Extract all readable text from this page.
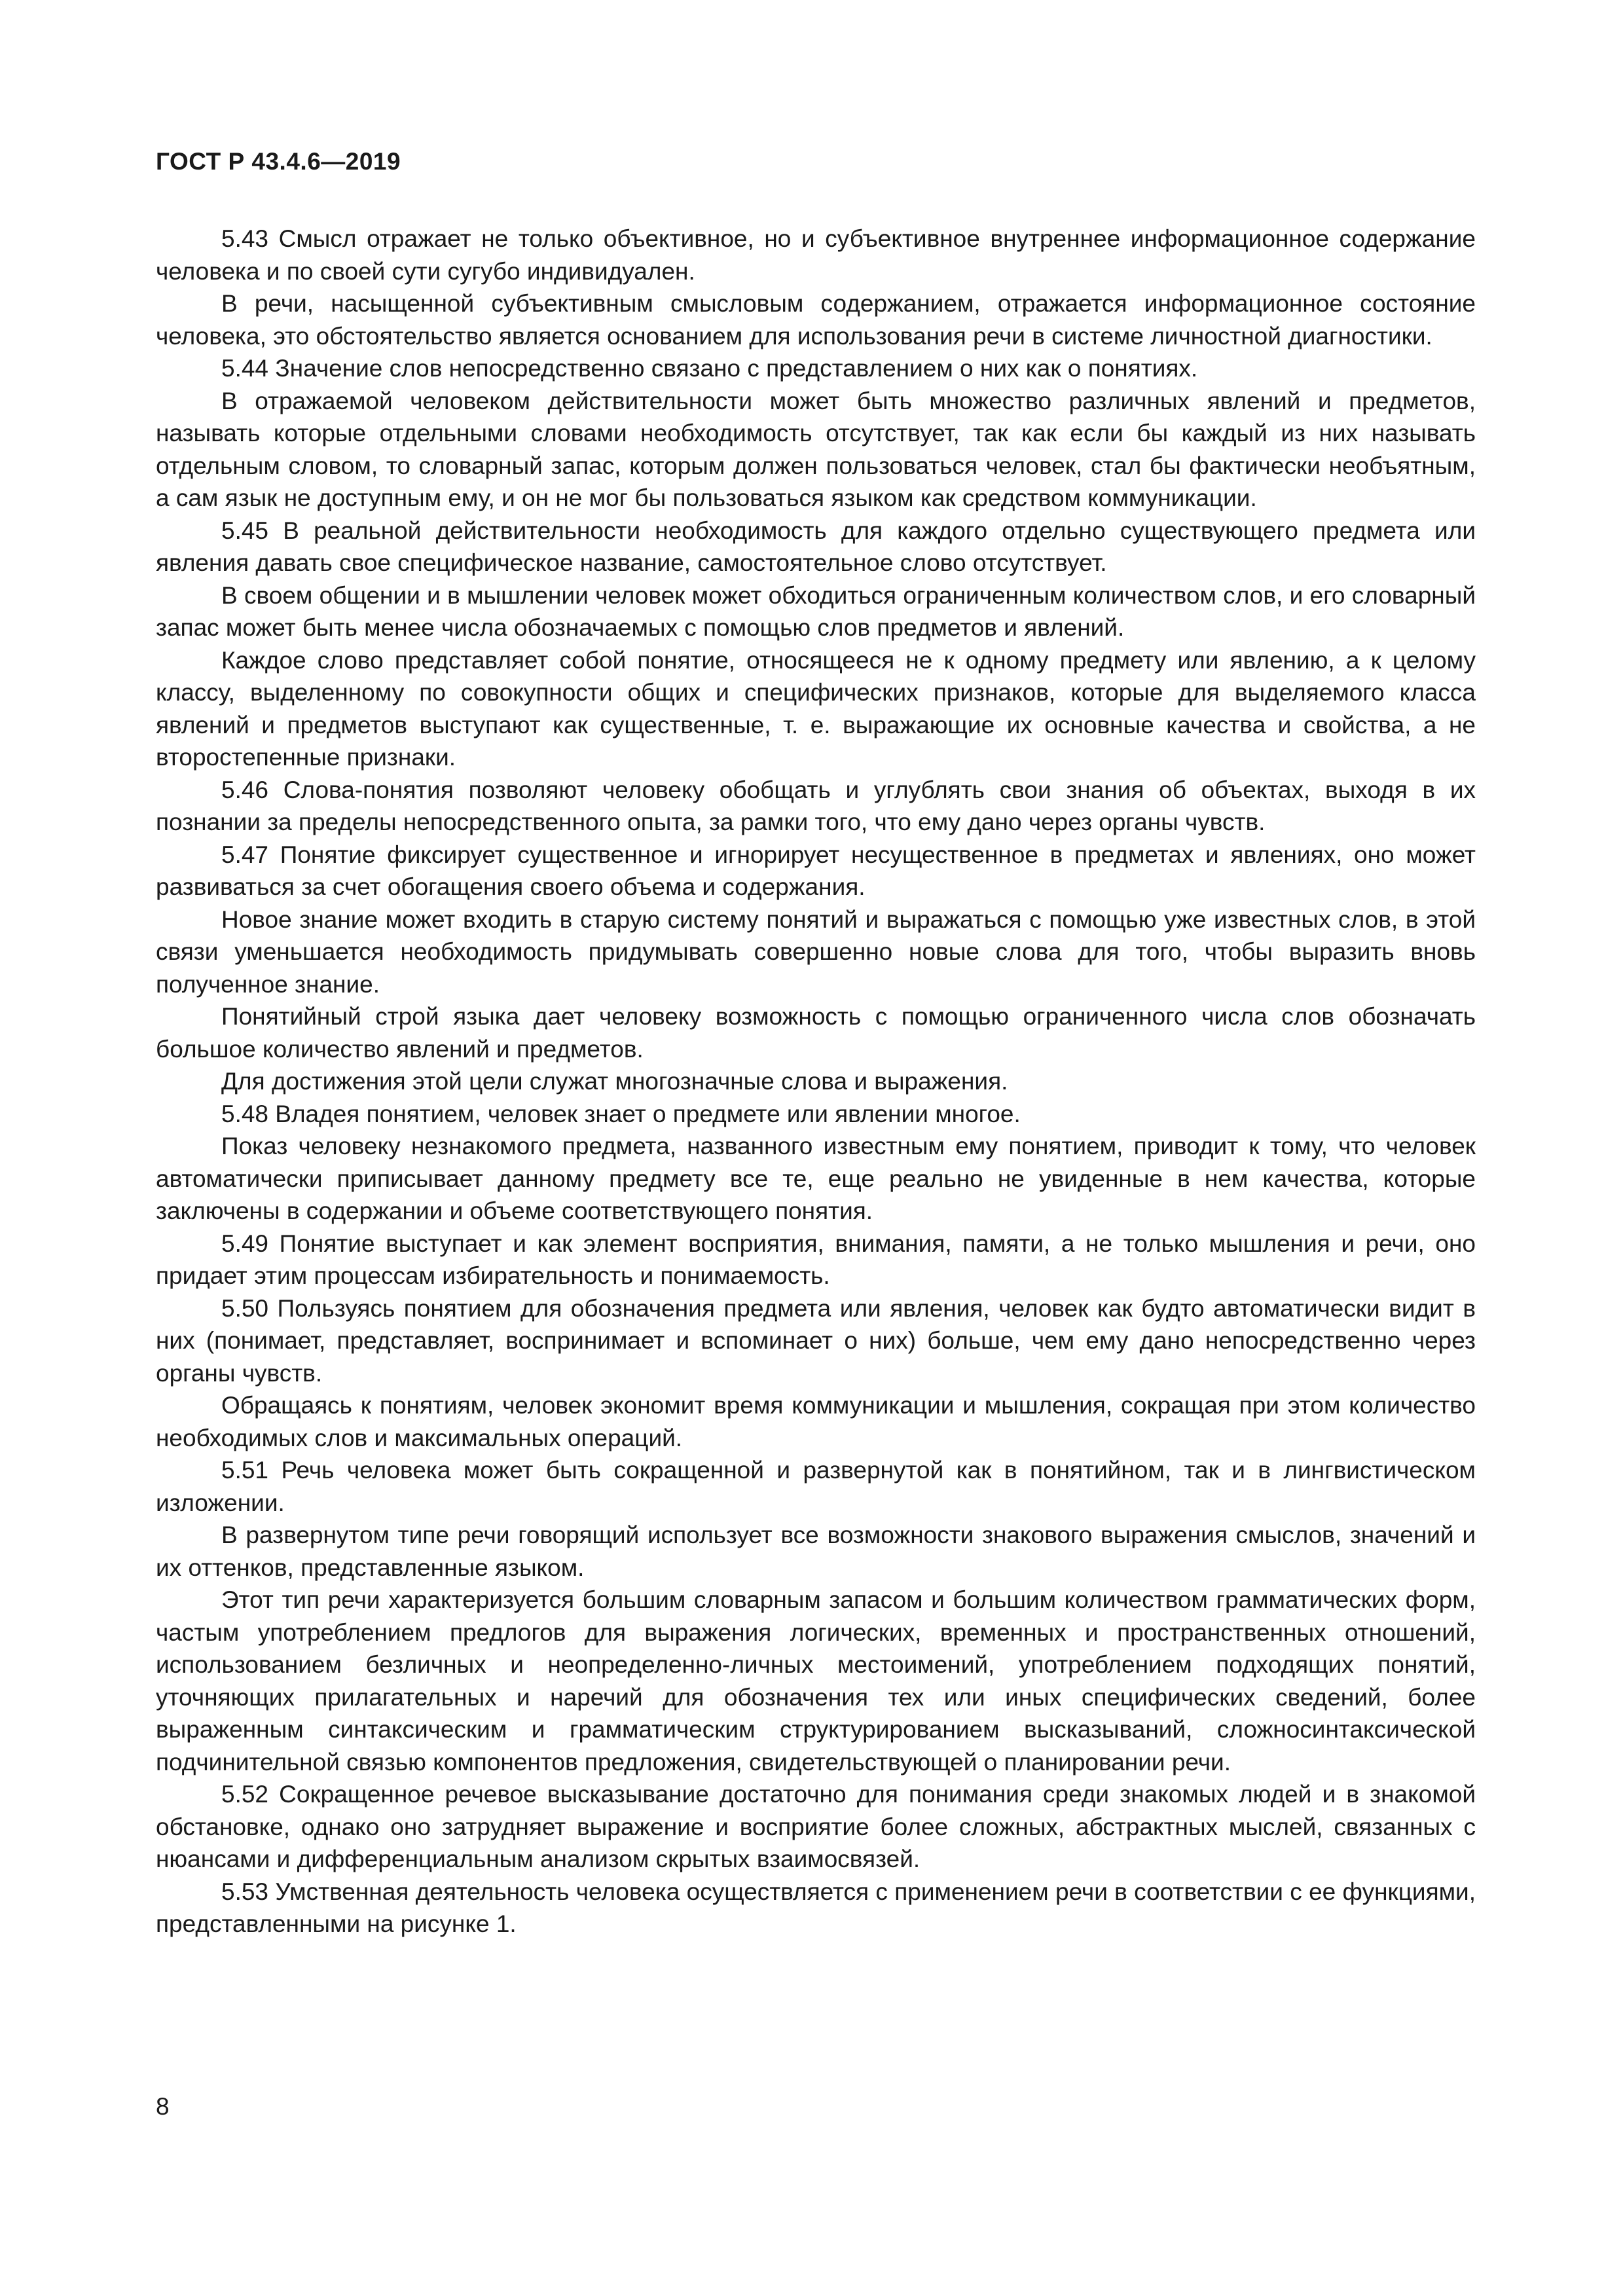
ГОСТ Р 43.4.6—2019

5.43 Смысл отражает не только объективное, но и субъективное внутреннее информационное содержание человека и по своей сути сугубо индивидуален.

В речи, насыщенной субъективным смысловым содержанием, отражается информационное состояние человека, это обстоятельство является основанием для использования речи в системе личностной диагностики.

5.44 Значение слов непосредственно связано с представлением о них как о понятиях.

В отражаемой человеком действительности может быть множество различных явлений и предметов, называть которые отдельными словами необходимость отсутствует, так как если бы каждый из них называть отдельным словом, то словарный запас, которым должен пользоваться человек, стал бы фактически необъятным, а сам язык не доступным ему, и он не мог бы пользоваться языком как средством коммуникации.

5.45 В реальной действительности необходимость для каждого отдельно существующего предмета или явления давать свое специфическое название, самостоятельное слово отсутствует.

В своем общении и в мышлении человек может обходиться ограниченным количеством слов, и его словарный запас может быть менее числа обозначаемых с помощью слов предметов и явлений.

Каждое слово представляет собой понятие, относящееся не к одному предмету или явлению, а к целому классу, выделенному по совокупности общих и специфических признаков, которые для выделяемого класса явлений и предметов выступают как существенные, т. е. выражающие их основные качества и свойства, а не второстепенные признаки.

5.46 Слова-понятия позволяют человеку обобщать и углублять свои знания об объектах, выходя в их познании за пределы непосредственного опыта, за рамки того, что ему дано через органы чувств.

5.47 Понятие фиксирует существенное и игнорирует несущественное в предметах и явлениях, оно может развиваться за счет обогащения своего объема и содержания.

Новое знание может входить в старую систему понятий и выражаться с помощью уже известных слов, в этой связи уменьшается необходимость придумывать совершенно новые слова для того, чтобы выразить вновь полученное знание.

Понятийный строй языка дает человеку возможность с помощью ограниченного числа слов обозначать большое количество явлений и предметов.

Для достижения этой цели служат многозначные слова и выражения.

5.48 Владея понятием, человек знает о предмете или явлении многое.

Показ человеку незнакомого предмета, названного известным ему понятием, приводит к тому, что человек автоматически приписывает данному предмету все те, еще реально не увиденные в нем качества, которые заключены в содержании и объеме соответствующего понятия.

5.49 Понятие выступает и как элемент восприятия, внимания, памяти, а не только мышления и речи, оно придает этим процессам избирательность и понимаемость.

5.50 Пользуясь понятием для обозначения предмета или явления, человек как будто автоматически видит в них (понимает, представляет, воспринимает и вспоминает о них) больше, чем ему дано непосредственно через органы чувств.

Обращаясь к понятиям, человек экономит время коммуникации и мышления, сокращая при этом количество необходимых слов и максимальных операций.

5.51 Речь человека может быть сокращенной и развернутой как в понятийном, так и в лингвистическом изложении.

В развернутом типе речи говорящий использует все возможности знакового выражения смыслов, значений и их оттенков, представленные языком.

Этот тип речи характеризуется большим словарным запасом и большим количеством грамматических форм, частым употреблением предлогов для выражения логических, временных и пространственных отношений, использованием безличных и неопределенно-личных местоимений, употреблением подходящих понятий, уточняющих прилагательных и наречий для обозначения тех или иных специфических сведений, более выраженным синтаксическим и грамматическим структурированием высказываний, сложносинтаксической подчинительной связью компонентов предложения, свидетельствующей о планировании речи.

5.52 Сокращенное речевое высказывание достаточно для понимания среди знакомых людей и в знакомой обстановке, однако оно затрудняет выражение и восприятие более сложных, абстрактных мыслей, связанных с нюансами и дифференциальным анализом скрытых взаимосвязей.

5.53 Умственная деятельность человека осуществляется с применением речи в соответствии с ее функциями, представленными на рисунке 1.

8
